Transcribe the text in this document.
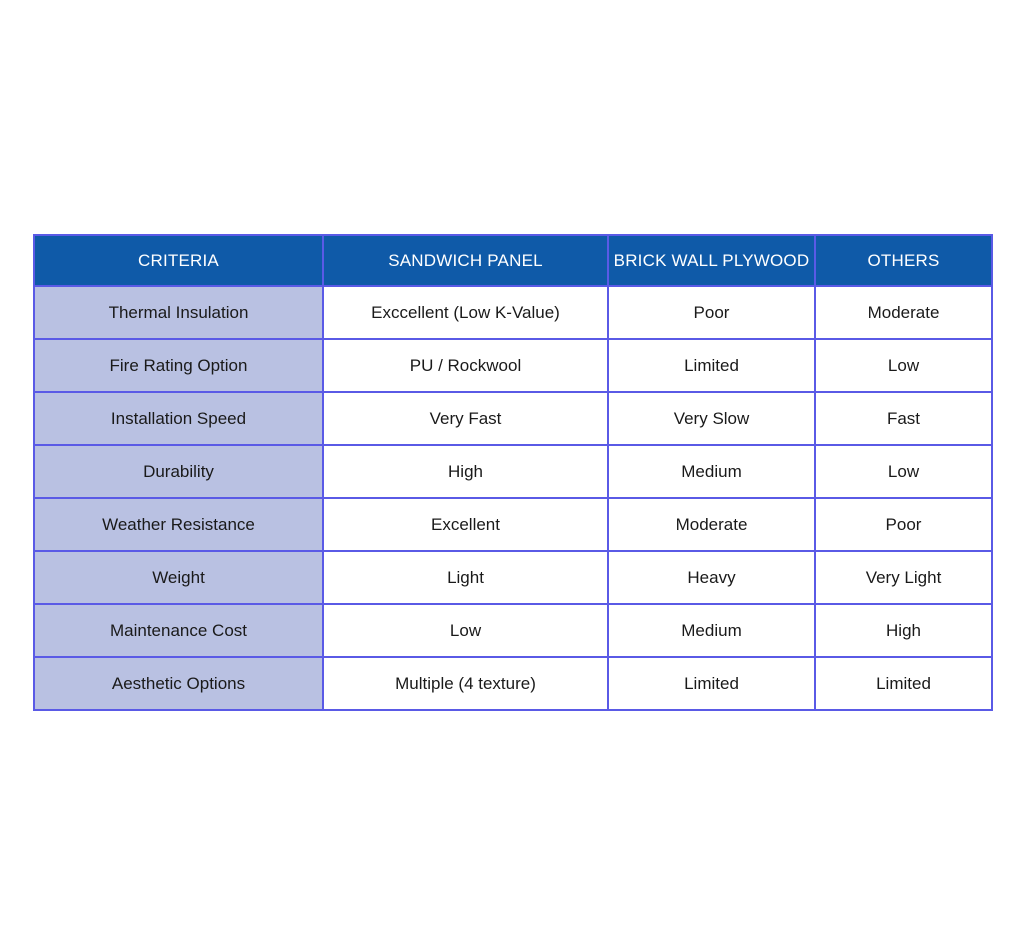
CRITERIA	SANDWICH PANEL	BRICK WALL PLYWOOD	OTHERS
Thermal Insulation	Exccellent (Low K-Value)	Poor	Moderate
Fire Rating Option	PU / Rockwool	Limited	Low
Installation Speed	Very Fast	Very Slow	Fast
Durability	High	Medium	Low
Weather Resistance	Excellent	Moderate	Poor
Weight	Light	Heavy	Very Light
Maintenance Cost	Low	Medium	High
Aesthetic Options	Multiple (4 texture)	Limited	Limited
